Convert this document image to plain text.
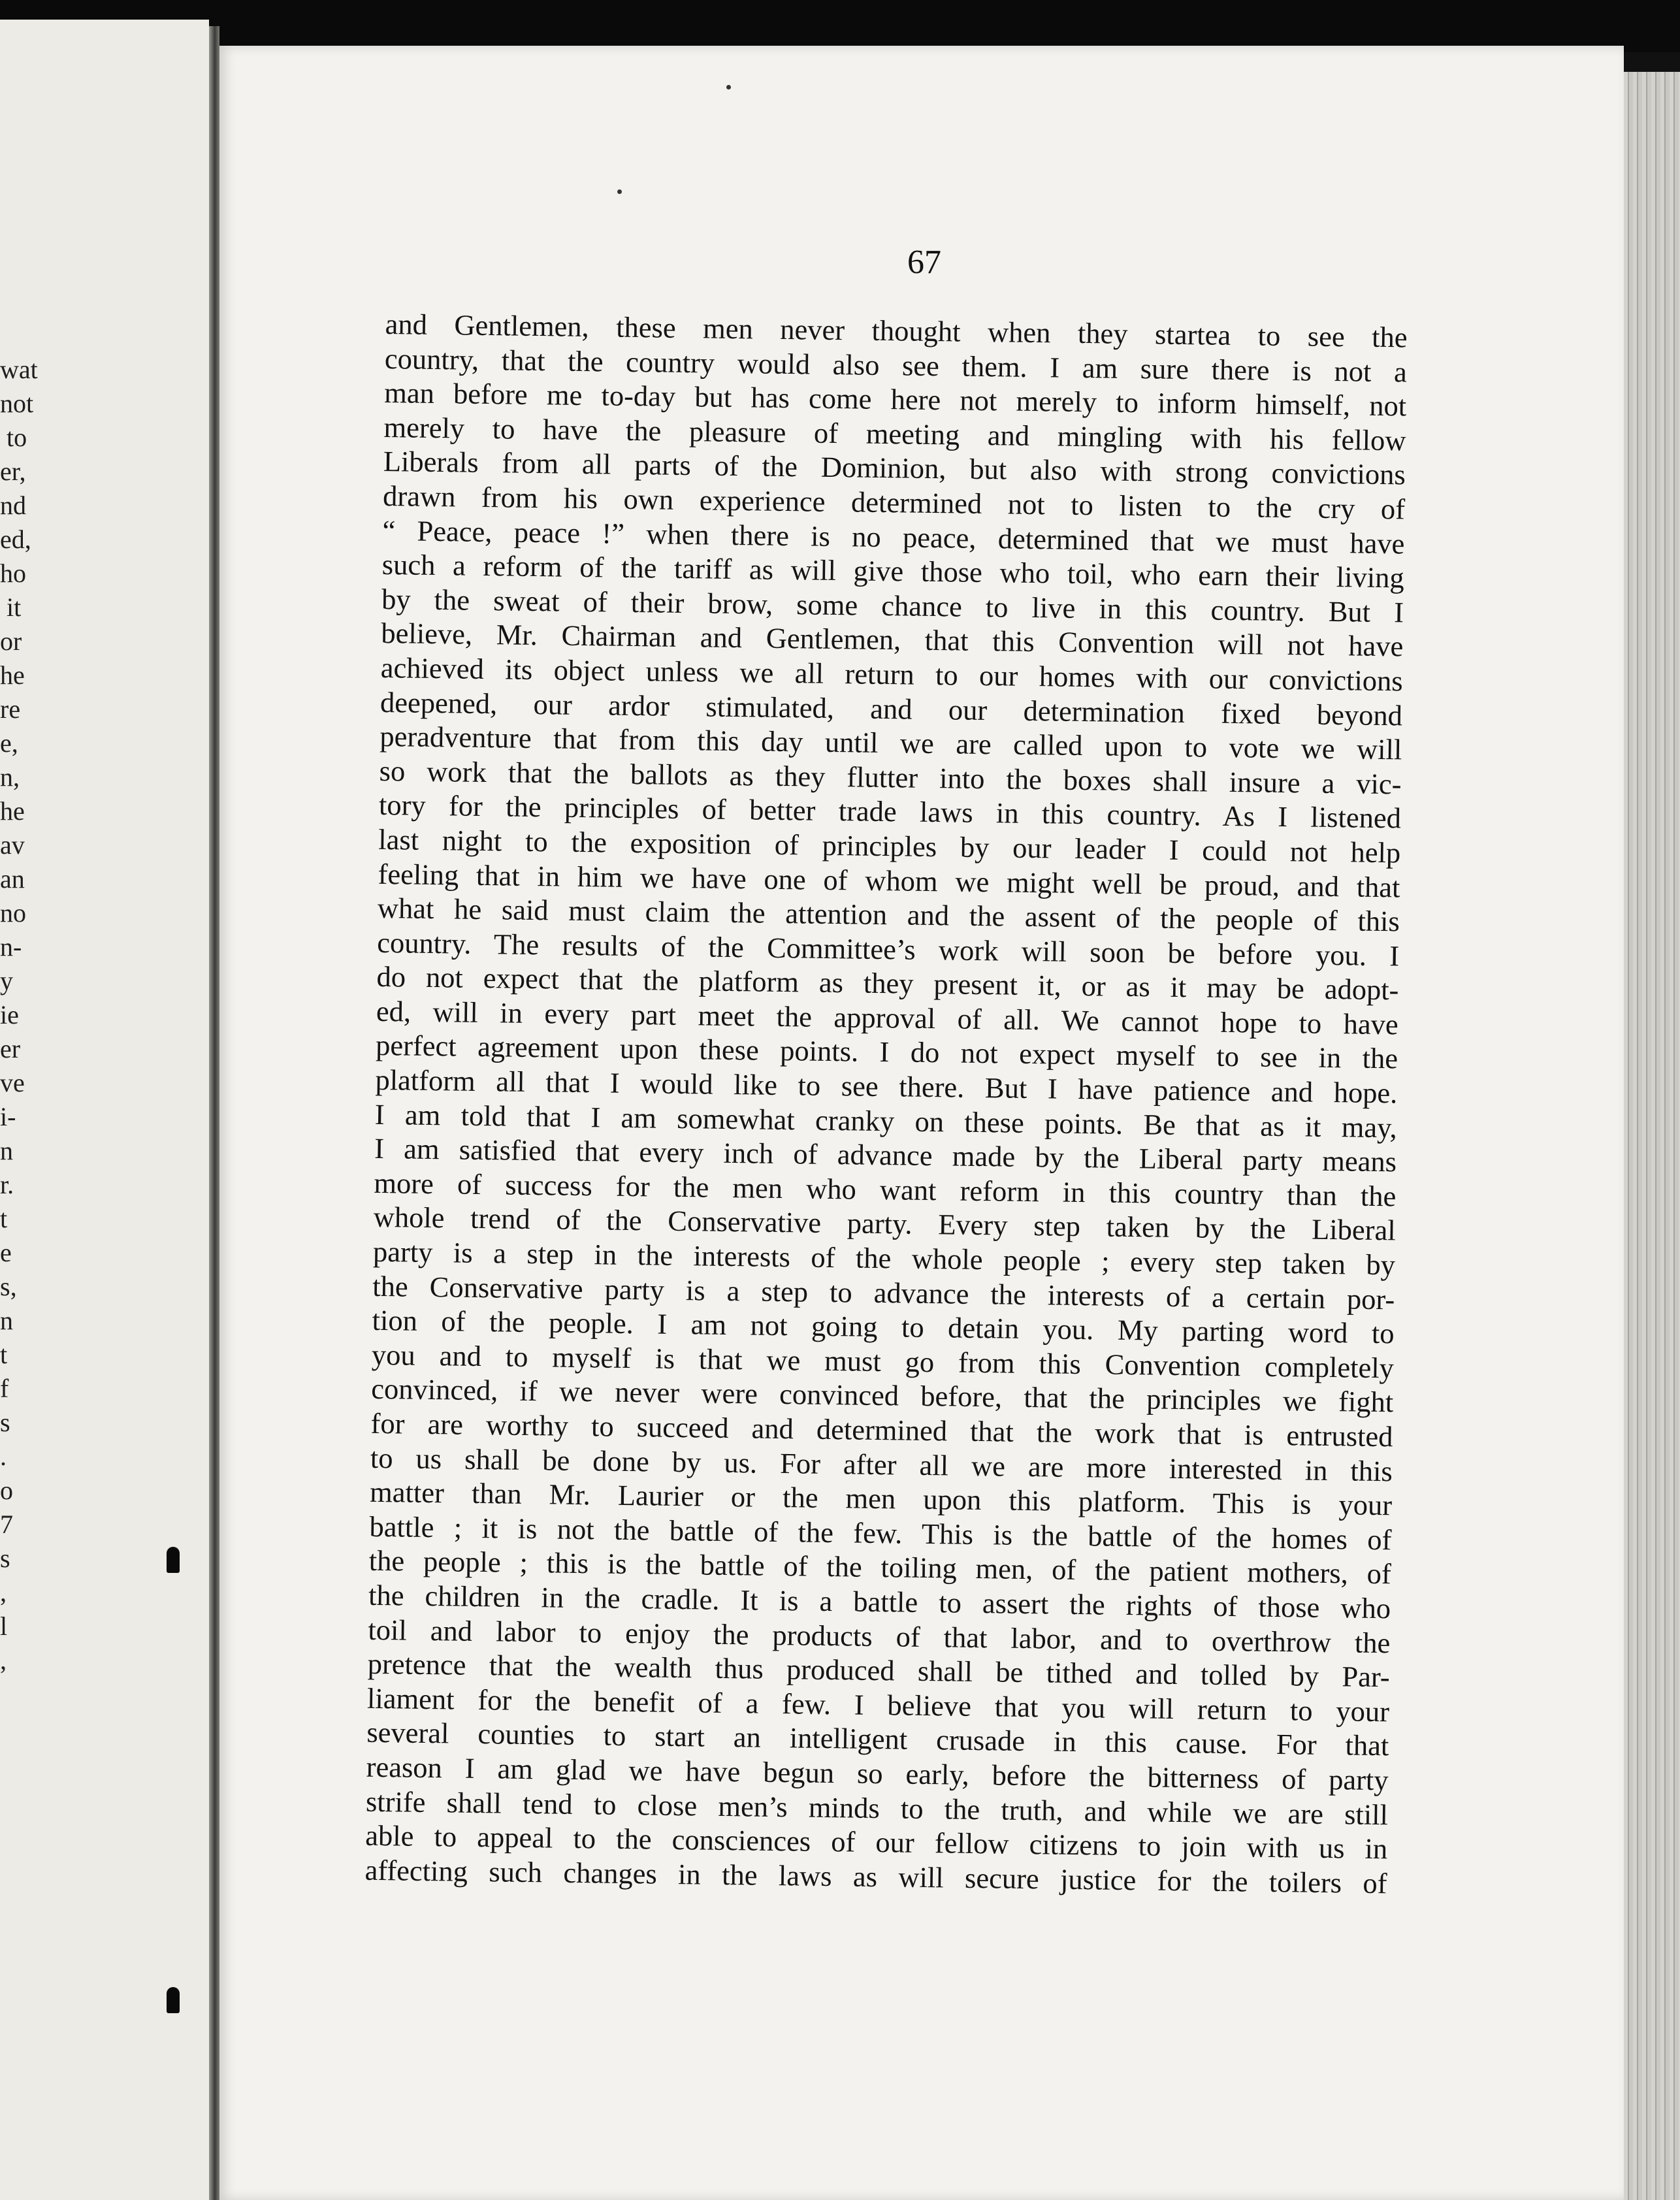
wat
not
to
er,
nd
ed,
ho
it
or
he
re
e,
n,
he
av
an
no
n-
y
ie
er
ve
i-
n
r.
t
e
s,
n
t
f
s
.
o
7
s
,
l
,
67
and Gentlemen, these men never thought when they startea to see the
country, that the country would also see them. I am sure there is not a
man before me to-day but has come here not merely to inform himself, not
merely to have the pleasure of meeting and mingling with his fellow
Liberals from all parts of the Dominion, but also with strong convictions
drawn from his own experience determined not to listen to the cry of
“ Peace, peace !” when there is no peace, determined that we must have
such a reform of the tariff as will give those who toil, who earn their living
by the sweat of their brow, some chance to live in this country. But I
believe, Mr. Chairman and Gentlemen, that this Convention will not have
achieved its object unless we all return to our homes with our convictions
deepened, our ardor stimulated, and our determination fixed beyond
peradventure that from this day until we are called upon to vote we will
so work that the ballots as they flutter into the boxes shall insure a vic-
tory for the principles of better trade laws in this country. As I listened
last night to the exposition of principles by our leader I could not help
feeling that in him we have one of whom we might well be proud, and that
what he said must claim the attention and the assent of the people of this
country. The results of the Committee’s work will soon be before you. I
do not expect that the platform as they present it, or as it may be adopt-
ed, will in every part meet the approval of all. We cannot hope to have
perfect agreement upon these points. I do not expect myself to see in the
platform all that I would like to see there. But I have patience and hope.
I am told that I am somewhat cranky on these points. Be that as it may,
I am satisfied that every inch of advance made by the Liberal party means
more of success for the men who want reform in this country than the
whole trend of the Conservative party. Every step taken by the Liberal
party is a step in the interests of the whole people ; every step taken by
the Conservative party is a step to advance the interests of a certain por-
tion of the people. I am not going to detain you. My parting word to
you and to myself is that we must go from this Convention completely
convinced, if we never were convinced before, that the principles we fight
for are worthy to succeed and determined that the work that is entrusted
to us shall be done by us. For after all we are more interested in this
matter than Mr. Laurier or the men upon this platform. This is your
battle ; it is not the battle of the few. This is the battle of the homes of
the people ; this is the battle of the toiling men, of the patient mothers, of
the children in the cradle. It is a battle to assert the rights of those who
toil and labor to enjoy the products of that labor, and to overthrow the
pretence that the wealth thus produced shall be tithed and tolled by Par-
liament for the benefit of a few. I believe that you will return to your
several counties to start an intelligent crusade in this cause. For that
reason I am glad we have begun so early, before the bitterness of party
strife shall tend to close men’s minds to the truth, and while we are still
able to appeal to the consciences of our fellow citizens to join with us in
affecting such changes in the laws as will secure justice for the toilers of
